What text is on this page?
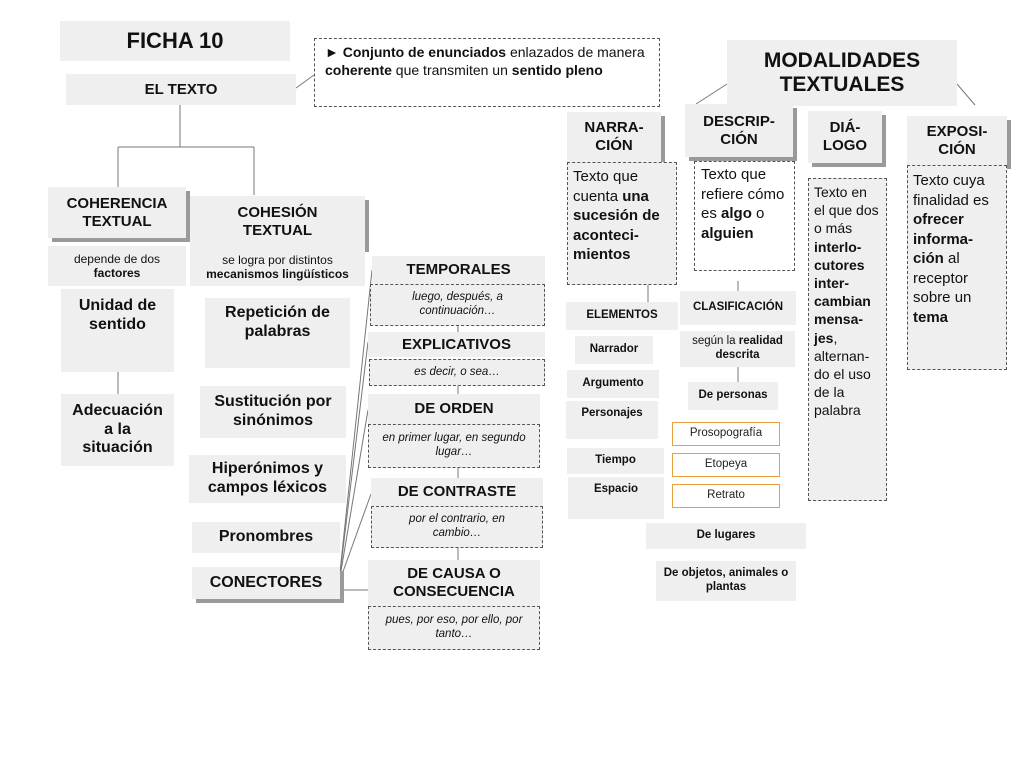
FICHA 10
EL TEXTO
► Conjunto de enunciados enlazados de manera coherente que transmiten un sentido pleno	MODALIDADES
TEXTUALES
COHERENCIA
TEXTUAL
depende de dos
factores
Unidad de
sentido
Adecuación
a la
situación
COHESIÓN
TEXTUAL
se logra por distintos
mecanismos lingüísticos
Repetición de
palabras
Sustitución por
sinónimos
Hiperónimos y
campos léxicos
Pronombres
CONECTORES
TEMPORALES
luego, después, a
continuación…
EXPLICATIVOS
es decir, o sea…
DE ORDEN
en primer lugar, en segundo
lugar…
DE CONTRASTE
por el contrario, en
cambio…
DE CAUSA O
CONSECUENCIA
pues, por eso, por ello, por
tanto…
NARRA-
CIÓN
Texto que cuenta una sucesión de aconteci-mientos
ELEMENTOS
Narrador
Argumento
Personajes
Tiempo
Espacio
DESCRIP-
CIÓN
Texto que refiere cómo es algo o alguien
CLASIFICACIÓN
según la realidad descrita
De personas
Prosopografía
Etopeya
Retrato
De lugares
De objetos, animales o plantas
DIÁ-
LOGO
Texto en el que dos o más interlo-cutores inter-cambian mensa-jes, alternan-do el uso de la palabra
EXPOSI-
CIÓN
Texto cuya finalidad es ofrecer informa-ción al receptor sobre un tema
